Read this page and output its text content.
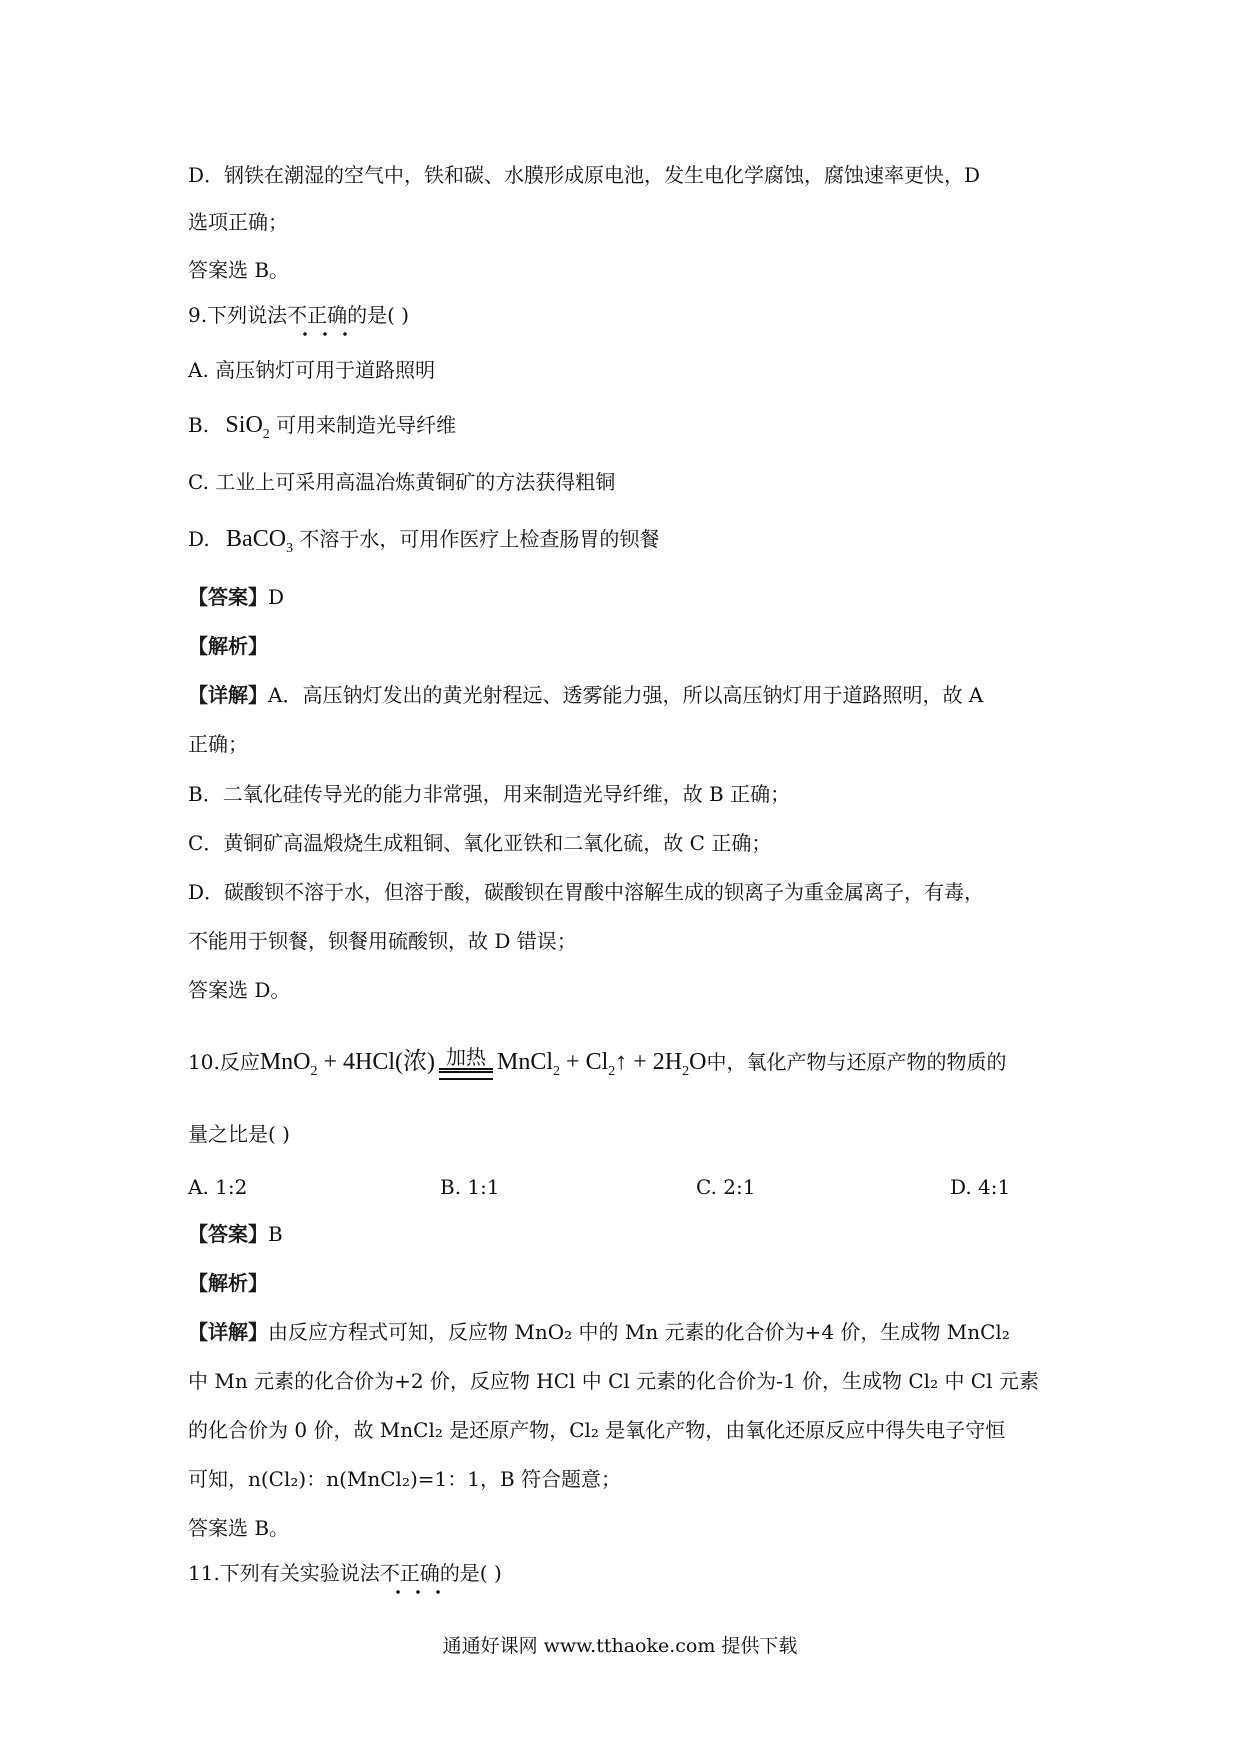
D．钢铁在潮湿的空气中，铁和碳、水膜形成原电池，发生电化学腐蚀，腐蚀速率更快，D
选项正确；
答案选 B。
9.下列说法不正确的是( )
A. 高压钠灯可用于道路照明
B. SiO$_2$ 可用来制造光导纤维
C. 工业上可采用高温冶炼黄铜矿的方法获得粗铜
D. BaCO$_3$ 不溶于水，可用作医疗上检查肠胃的钡餐
【答案】D
【解析】
【详解】A．高压钠灯发出的黄光射程远、透雾能力强，所以高压钠灯用于道路照明，故 A
正确；
B．二氧化硅传导光的能力非常强，用来制造光导纤维，故 B 正确；
C．黄铜矿高温煅烧生成粗铜、氧化亚铁和二氧化硫，故 C 正确；
D．碳酸钡不溶于水，但溶于酸，碳酸钡在胃酸中溶解生成的钡离子为重金属离子，有毒，
不能用于钡餐，钡餐用硫酸钡，故 D 错误；
答案选 D。
10.反应MnO$_2$ + 4HCl(浓) 加热 MnCl$_2$ + $Cl_2↑ + 2H_2O$中，氧化产物与还原产物的物质的
量之比是( )
A. 1:2	B. 1:1	C. 2:1	D. 4:1
【答案】B
【解析】
【详解】由反应方程式可知，反应物 MnO₂ 中的 Mn 元素的化合价为+4 价，生成物 MnCl₂
中 Mn 元素的化合价为+2 价，反应物 HCl 中 Cl 元素的化合价为-1 价，生成物 Cl₂ 中 Cl 元素
的化合价为 0 价，故 MnCl₂ 是还原产物，Cl₂ 是氧化产物，由氧化还原反应中得失电子守恒
可知，n(Cl₂)：n(MnCl₂)=1：1，B 符合题意；
答案选 B。
11.下列有关实验说法不正确的是( )
通通好课网 www.tthaoke.com 提供下载
